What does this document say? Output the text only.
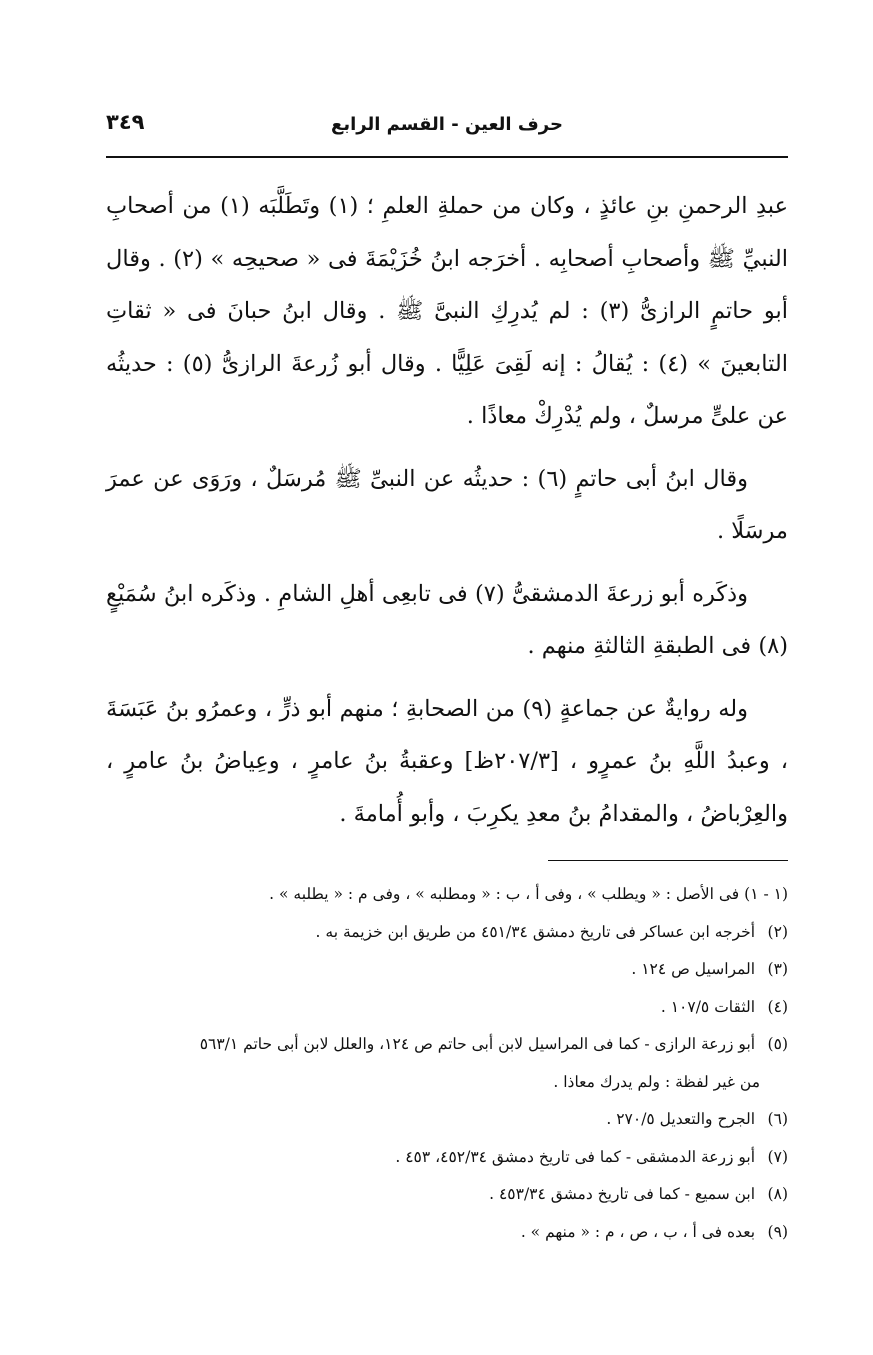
٣٤٩	حرف العين - القسم الرابع

عبدِ الرحمنِ بنِ عائذٍ ، وكان من حملةِ العلمِ ؛ (١) وتَطَلَّبَه (١) من أصحابِ النبيِّ ﷺ وأصحابِ أصحابِه . أخرَجه ابنُ خُزَيْمَةَ فى « صحيحِه » (٢) . وقال أبو حاتمٍ الرازىُّ (٣) : لم يُدرِكِ النبىَّ ﷺ . وقال ابنُ حبانَ فى « ثقاتِ التابعينَ » (٤) : يُقالُ : إنه لَقِىَ عَلِيًّا . وقال أبو زُرعةَ الرازىُّ (٥) : حديثُه عن علىٍّ مرسلٌ ، ولم يُدْرِكْ معاذًا .

وقال ابنُ أبى حاتمٍ (٦) : حديثُه عن النبىِّ ﷺ مُرسَلٌ ، ورَوَى عن عمرَ مرسَلًا .

وذكَره أبو زرعةَ الدمشقىُّ (٧) فى تابعِى أهلِ الشامِ . وذكَره ابنُ سُمَيْعٍ (٨) فى الطبقةِ الثالثةِ منهم .

وله روايةٌ عن جماعةٍ (٩) من الصحابةِ ؛ منهم أبو ذرٍّ ، وعمرُو بنُ عَبَسَةَ ، وعبدُ اللَّهِ بنُ عمرٍو ، [٢٠٧/٣ظ] وعقبةُ بنُ عامرٍ ، وعِياضُ بنُ عامرٍ ، والعِرْباضُ ، والمقدامُ بنُ معدِ يكرِبَ ، وأبو أُمامةَ .

(١ - ١) فى الأصل : « ويطلب » ، وفى أ ، ب : « ومطلبه » ، وفى م : « يطلبه » .

(٢) أخرجه ابن عساكر فى تاريخ دمشق ٤٥١/٣٤ من طريق ابن خزيمة به .

(٣) المراسيل ص ١٢٤ .

(٤) الثقات ١٠٧/٥ .

(٥) أبو زرعة الرازى - كما فى المراسيل لابن أبى حاتم ص ١٢٤، والعلل لابن أبى حاتم ٥٦٣/١

من غير لفظة : ولم يدرك معاذا .

(٦) الجرح والتعديل ٢٧٠/٥ .

(٧) أبو زرعة الدمشقى - كما فى تاريخ دمشق ٤٥٢/٣٤، ٤٥٣ .

(٨) ابن سميع - كما فى تاريخ دمشق ٤٥٣/٣٤ .

(٩) بعده فى أ ، ب ، ص ، م : « منهم » .
